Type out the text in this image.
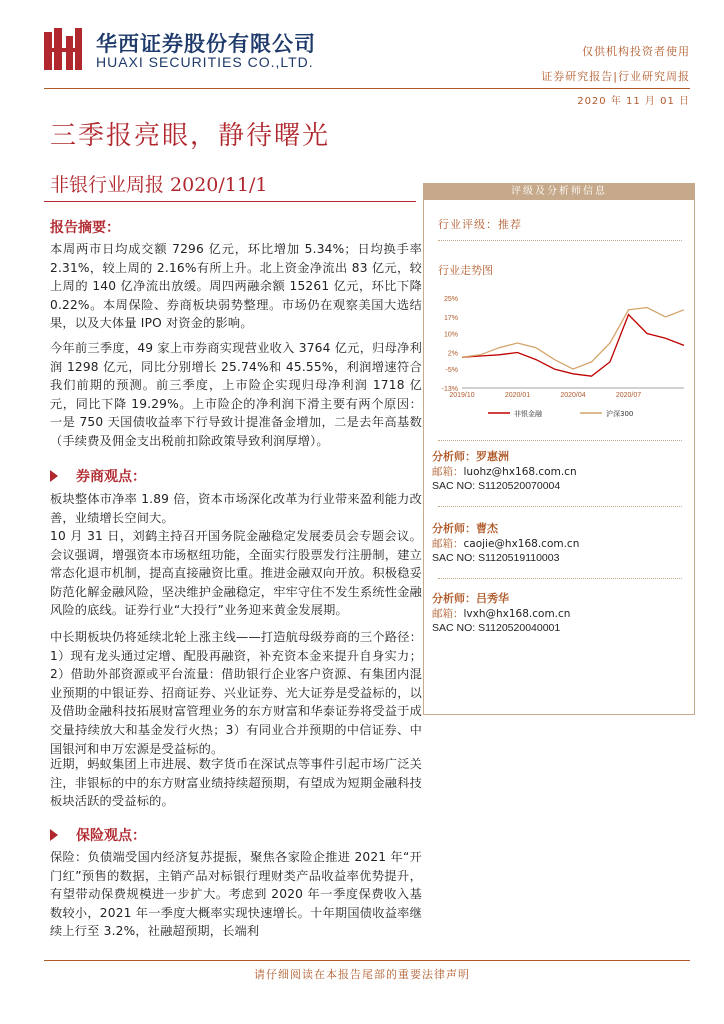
华西证券股份有限公司
HUAXI SECURITIES CO.,LTD.
仅供机构投资者使用
证券研究报告|行业研究周报
2020 年 11 月 01 日
三季报亮眼，静待曙光
非银行业周报 2020/11/1
报告摘要：
本周两市日均成交额 7296 亿元，环比增加 5.34%；日均换手率 2.31%，较上周的 2.16%有所上升。北上资金净流出 83 亿元，较上周的 140 亿净流出放缓。周四两融余额 15261 亿元，环比下降 0.22%。本周保险、券商板块弱势整理。市场仍在观察美国大选结果，以及大体量 IPO 对资金的影响。
今年前三季度，49 家上市券商实现营业收入 3764 亿元，归母净利润 1298 亿元，同比分别增长 25.74%和 45.55%，利润增速符合我们前期的预测。前三季度，上市险企实现归母净利润 1718 亿元，同比下降 19.29%。上市险企的净利润下滑主要有两个原因：一是 750 天国债收益率下行导致计提准备金增加，二是去年高基数（手续费及佣金支出税前扣除政策导致利润厚增）。
券商观点：
板块整体市净率 1.89 倍，资本市场深化改革为行业带来盈利能力改善，业绩增长空间大。
10 月 31 日，刘鹤主持召开国务院金融稳定发展委员会专题会议。会议强调，增强资本市场枢纽功能，全面实行股票发行注册制，建立常态化退市机制，提高直接融资比重。推进金融双向开放。积极稳妥防范化解金融风险，坚决维护金融稳定，牢牢守住不发生系统性金融风险的底线。证券行业“大投行”业务迎来黄金发展期。
中长期板块仍将延续北轮上涨主线——打造航母级券商的三个路径：1）现有龙头通过定增、配股再融资，补充资本金来提升自身实力；2）借助外部资源或平台流量：借助银行企业客户资源、有集团内混业预期的中银证券、招商证券、兴业证券、光大证券是受益标的，以及借助金融科技拓展财富管理业务的东方财富和华泰证券将受益于成交量持续放大和基金发行火热；3）有同业合并预期的中信证券、中国银河和申万宏源是受益标的。
近期，蚂蚁集团上市进展、数字货币在深试点等事件引起市场广泛关注，非银标的中的东方财富业绩持续超预期，有望成为短期金融科技板块活跃的受益标的。
保险观点：
保险：负债端受国内经济复苏提振，聚焦各家险企推进 2021 年“开门红”预售的数据，主销产品对标银行理财类产品收益率优势提升，有望带动保费规模进一步扩大。考虑到 2020 年一季度保费收入基数较小，2021 年一季度大概率实现快速增长。十年期国债收益率继续上行至 3.2%，社融超预期，长端利
评级及分析师信息
行业评级：推荐
行业走势图
25%
17%
10%
2%
-5%
-13%
2019/10	2020/01	2020/04	2020/07
非银金融	沪深300
分析师：罗惠洲
邮箱：luohz@hx168.com.cn
SAC NO: S1120520070004
分析师：曹杰
邮箱：caojie@hx168.com.cn
SAC NO: S1120519110003
分析师：吕秀华
邮箱：lvxh@hx168.com.cn
SAC NO: S1120520040001
请仔细阅读在本报告尾部的重要法律声明
